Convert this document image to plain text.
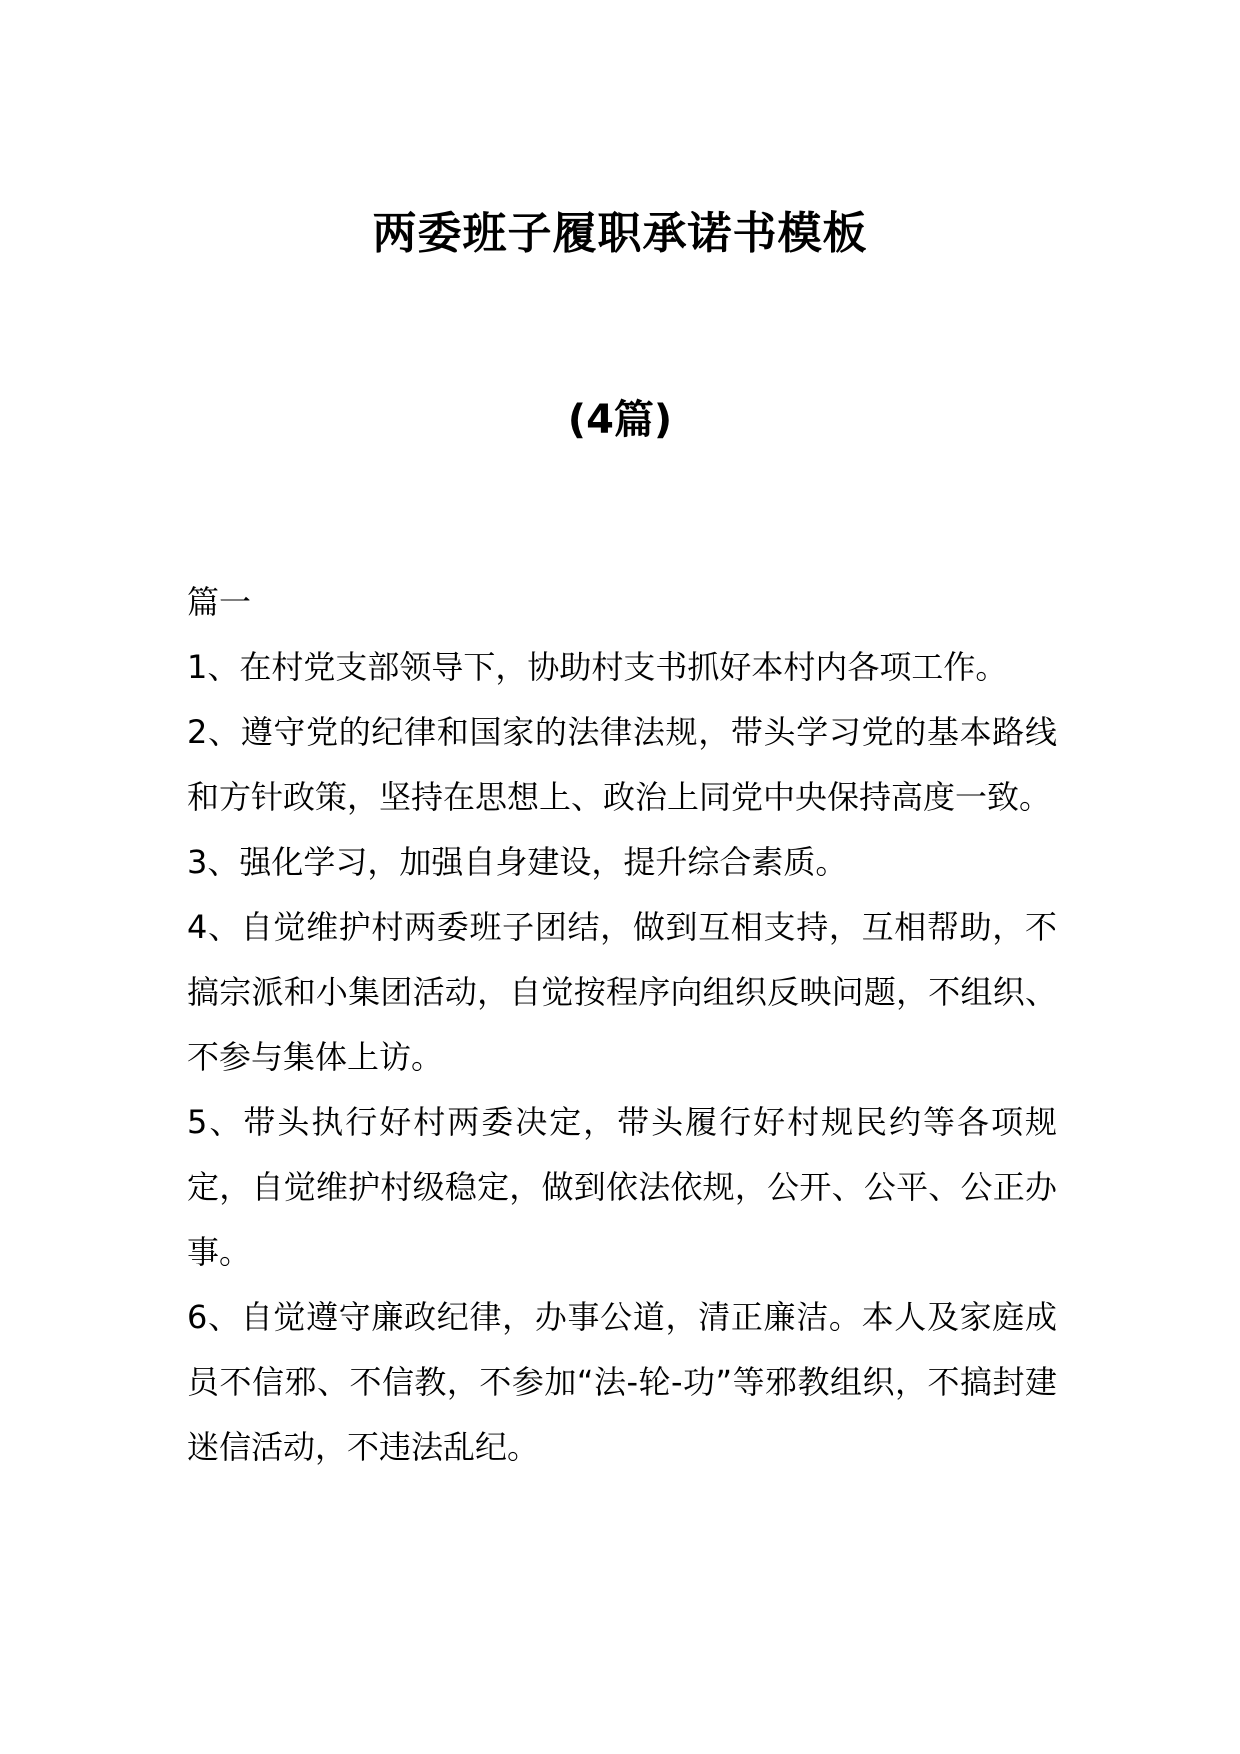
两委班子履职承诺书模板
(4篇)
篇一

1、在村党支部领导下，协助村支书抓好本村内各项工作。

2、遵守党的纪律和国家的法律法规，带头学习党的基本路线和方针政策，坚持在思想上、政治上同党中央保持高度一致。

3、强化学习，加强自身建设，提升综合素质。

4、自觉维护村两委班子团结，做到互相支持，互相帮助，不搞宗派和小集团活动，自觉按程序向组织反映问题，不组织、不参与集体上访。

5、带头执行好村两委决定，带头履行好村规民约等各项规定，自觉维护村级稳定，做到依法依规，公开、公平、公正办事。

6、自觉遵守廉政纪律，办事公道，清正廉洁。本人及家庭成员不信邪、不信教，不参加“法-轮-功”等邪教组织，不搞封建迷信活动，不违法乱纪。
